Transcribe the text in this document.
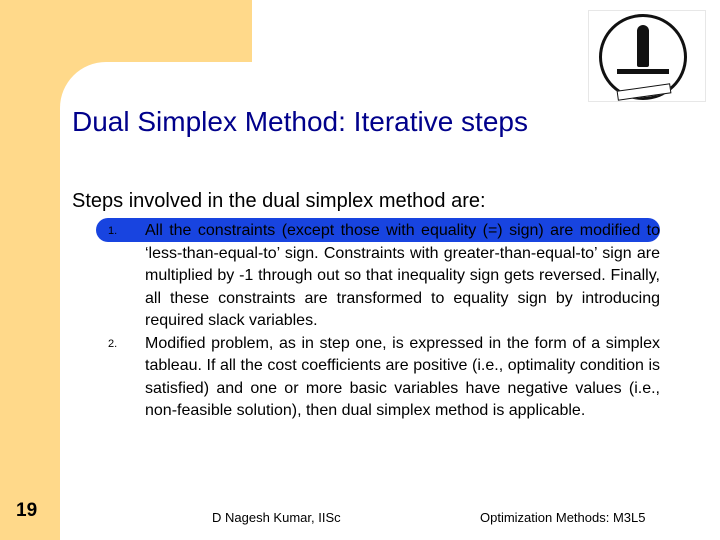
Dual Simplex Method: Iterative steps
Steps involved in the dual simplex method are:
1.	All the constraints (except those with equality (=) sign) are modified to ‘less-than-equal-to’ sign. Constraints with greater-than-equal-to’ sign are multiplied by -1 through out so that inequality sign gets reversed. Finally, all these constraints are transformed to equality sign by introducing required slack variables.
2.	Modified problem, as in step one, is expressed in the form of a simplex tableau. If all the cost coefficients are positive (i.e., optimality condition is satisfied) and one or more basic variables have negative values (i.e., non-feasible solution), then dual simplex method is applicable.
19	D Nagesh Kumar, IISc	Optimization Methods: M3L5
